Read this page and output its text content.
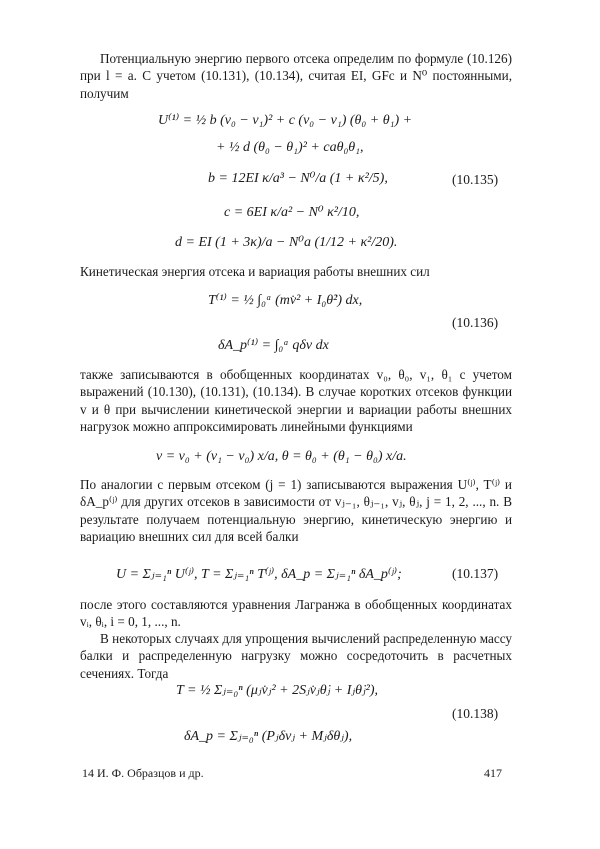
Потенциальную энергию первого отсека определим по формуле (10.126) при l = a. С учетом (10.131), (10.134), считая EI, GFс и N⁰ постоянными, получим
U⁽¹⁾ = ½ b (v₀ − v₁)² + c (v₀ − v₁) (θ₀ + θ₁) +
+ ½ d (θ₀ − θ₁)² + caθ₀θ₁,
b = 12EI κ/a³ − N⁰/a (1 + κ²/5),	(10.135)
c = 6EI κ/a² − N⁰ κ²/10,
d = EI (1 + 3κ)/a − N⁰a (1/12 + κ²/20).
Кинетическая энергия отсека и вариация работы внешних сил
T⁽¹⁾ = ½ ∫₀ᵃ (mv̇² + I₀θ̇²) dx,
(10.136)
δA_p⁽¹⁾ = ∫₀ᵃ qδv dx
также записываются в обобщенных координатах v₀, θ₀, v₁, θ₁ с учетом выражений (10.130), (10.131), (10.134). В случае коротких отсеков функции v и θ при вычислении кинетической энергии и вариации работы внешних нагрузок можно аппроксимировать линейными функциями
v = v₀ + (v₁ − v₀) x/a, θ = θ₀ + (θ₁ − θ₀) x/a.
По аналогии с первым отсеком (j = 1) записываются выражения U⁽ʲ⁾, T⁽ʲ⁾ и δA_p⁽ʲ⁾ для других отсеков в зависимости от vⱼ₋₁, θⱼ₋₁, vⱼ, θⱼ, j = 1, 2, ..., n. В результате получаем потенциальную энергию, кинетическую энергию и вариацию внешних сил для всей балки
U = Σⱼ₌₁ⁿ U⁽ʲ⁾, T = Σⱼ₌₁ⁿ T⁽ʲ⁾, δA_p = Σⱼ₌₁ⁿ δA_p⁽ʲ⁾;	(10.137)
после этого составляются уравнения Лагранжа в обобщенных координатах vᵢ, θᵢ, i = 0, 1, ..., n.
В некоторых случаях для упрощения вычислений распределенную массу балки и распределенную нагрузку можно сосредоточить в расчетных сечениях. Тогда
T = ½ Σⱼ₌₀ⁿ (μⱼv̇ⱼ² + 2Sⱼv̇ⱼθ̇ⱼ + Iⱼθ̇ⱼ²),
(10.138)
δA_p = Σⱼ₌₀ⁿ (Pⱼδvⱼ + Mⱼδθⱼ),
14 И. Ф. Образцов и др.	417
